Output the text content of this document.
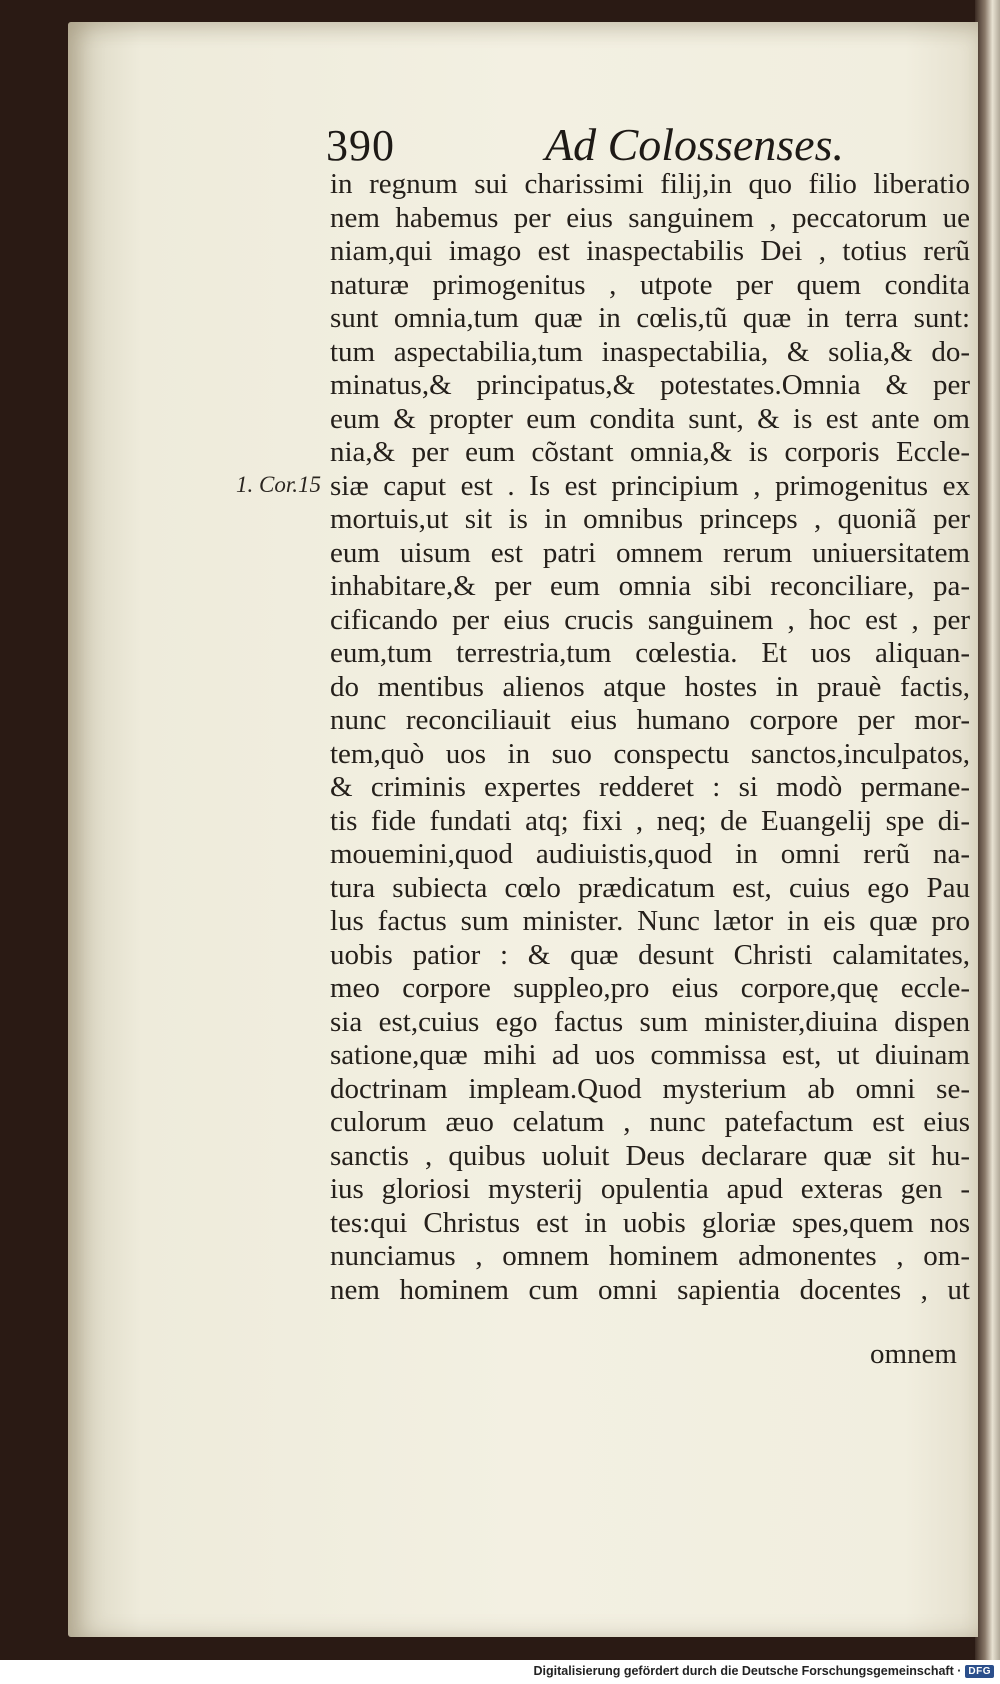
390	Ad Colossenses.
1. Cor.15
in regnum sui charissimi filij,in quo filio liberatio
nem habemus per eius sanguinem , peccatorum ue
niam,qui imago est inaspectabilis Dei , totius rerũ
naturæ primogenitus , utpote per quem condita
sunt omnia,tum quæ in cœlis,tũ quæ in terra sunt:
tum aspectabilia,tum inaspectabilia, & solia,& do-
minatus,& principatus,& potestates.Omnia & per
eum & propter eum condita sunt, & is est ante om
nia,& per eum cõstant omnia,& is corporis Eccle-
siæ caput est . Is est principium , primogenitus ex
mortuis,ut sit is in omnibus princeps , quoniã per
eum uisum est patri omnem rerum uniuersitatem
inhabitare,& per eum omnia sibi reconciliare, pa-
cificando per eius crucis sanguinem , hoc est , per
eum,tum terrestria,tum cœlestia. Et uos aliquan-
do mentibus alienos atque hostes in prauè factis,
nunc reconciliauit eius humano corpore per mor-
tem,quò uos in suo conspectu sanctos,inculpatos,
& criminis expertes redderet : si modò permane-
tis fide fundati atq; fixi , neq; de Euangelij spe di-
mouemini,quod audiuistis,quod in omni rerũ na-
tura subiecta cœlo prædicatum est, cuius ego Pau
lus factus sum minister. Nunc lætor in eis quæ pro
uobis patior : & quæ desunt Christi calamitates,
meo corpore suppleo,pro eius corpore,quę eccle-
sia est,cuius ego factus sum minister,diuina dispen
satione,quæ mihi ad uos commissa est, ut diuinam
doctrinam impleam.Quod mysterium ab omni se-
culorum æuo celatum , nunc patefactum est eius
sanctis , quibus uoluit Deus declarare quæ sit hu-
ius gloriosi mysterij opulentia apud exteras gen -
tes:qui Christus est in uobis gloriæ spes,quem nos
nunciamus , omnem hominem admonentes , om-
nem hominem cum omni sapientia docentes , ut
omnem
Digitalisierung gefördert durch die Deutsche Forschungsgemeinschaft · DFG
